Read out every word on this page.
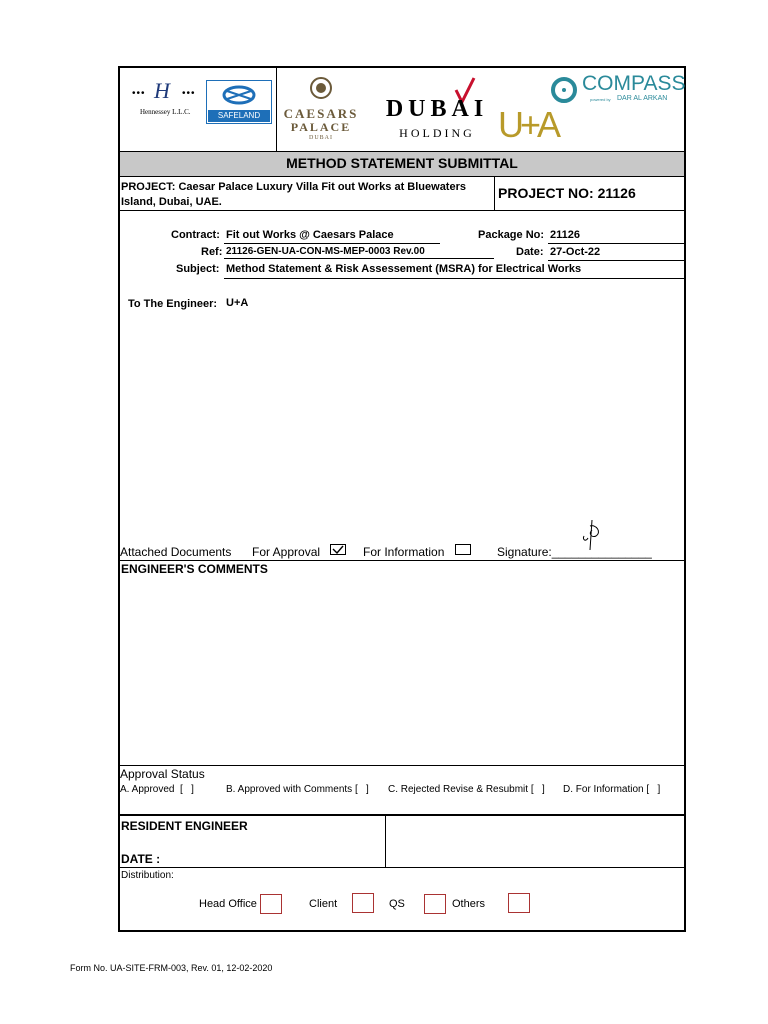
••• H •••
Hennessey L.L.C.	SAFELAND	CAESARS
PALACE
DUBAI
DUBAI
HOLDING
COMPASS
powered by DAR AL ARKAN
U+A
METHOD STATEMENT SUBMITTAL
PROJECT: Caesar Palace Luxury Villa Fit out Works at Bluewaters
Island, Dubai, UAE.
PROJECT NO: 21126
Contract: Fit out Works @ Caesars Palace	Package No: 21126
Ref: 21126-GEN-UA-CON-MS-MEP-0003 Rev.00	Date: 27-Oct-22
Subject: Method Statement & Risk Assessement (MSRA) for Electrical Works
To The Engineer: U+A
Attached Documents For Approval	For Information	Signature:_______________
ENGINEER'S COMMENTS
Approval Status
A. Approved  [   ]	B. Approved with Comments [   ] C. Rejected Revise & Resubmit [   ] D. For Information [   ]
RESIDENT ENGINEER
DATE :
Distribution:
Head Office	Client	QS	Others
Form No. UA-SITE-FRM-003, Rev. 01, 12-02-2020
